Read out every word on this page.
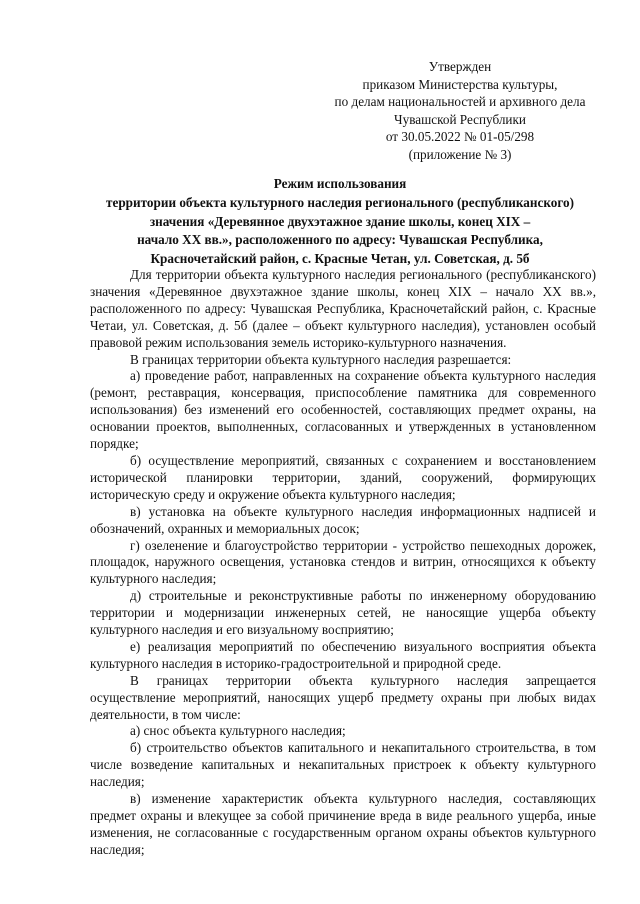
Утвержден
приказом Министерства культуры,
по делам национальностей и архивного дела
Чувашской Республики
от 30.05.2022 № 01-05/298
(приложение № 3)
Режим использования
территории объекта культурного наследия регионального (республиканского)
значения «Деревянное двухэтажное здание школы, конец XIX –
начало XX вв.», расположенного по адресу: Чувашская Республика,
Красночетайский район, с. Красные Четан, ул. Советская, д. 5б

Для территории объекта культурного наследия регионального (республиканского) значения «Деревянное двухэтажное здание школы, конец XIX – начало XX вв.», расположенного по адресу: Чувашская Республика, Красночетайский район, с. Красные Четаи, ул. Советская, д. 5б (далее – объект культурного наследия), установлен особый правовой режим использования земель историко-культурного назначения.

В границах территории объекта культурного наследия разрешается:

а) проведение работ, направленных на сохранение объекта культурного наследия (ремонт, реставрация, консервация, приспособление памятника для современного использования) без изменений его особенностей, составляющих предмет охраны, на основании проектов, выполненных, согласованных и утвержденных в установленном порядке;

б) осуществление мероприятий, связанных с сохранением и восстановлением исторической планировки территории, зданий, сооружений, формирующих историческую среду и окружение объекта культурного наследия;

в) установка на объекте культурного наследия информационных надписей и обозначений, охранных и мемориальных досок;

г) озеленение и благоустройство территории - устройство пешеходных дорожек, площадок, наружного освещения, установка стендов и витрин, относящихся к объекту культурного наследия;

д) строительные и реконструктивные работы по инженерному оборудованию территории и модернизации инженерных сетей, не наносящие ущерба объекту культурного наследия и его визуальному восприятию;

е) реализация мероприятий по обеспечению визуального восприятия объекта культурного наследия в историко-градостроительной и природной среде.

В границах территории объекта культурного наследия запрещается осуществление мероприятий, наносящих ущерб предмету охраны при любых видах деятельности, в том числе:

а) снос объекта культурного наследия;

б) строительство объектов капитального и некапитального строительства, в том числе возведение капитальных и некапитальных пристроек к объекту культурного наследия;

в) изменение характеристик объекта культурного наследия, составляющих предмет охраны и влекущее за собой причинение вреда в виде реального ущерба, иные изменения, не согласованные с государственным органом охраны объектов культурного наследия;
